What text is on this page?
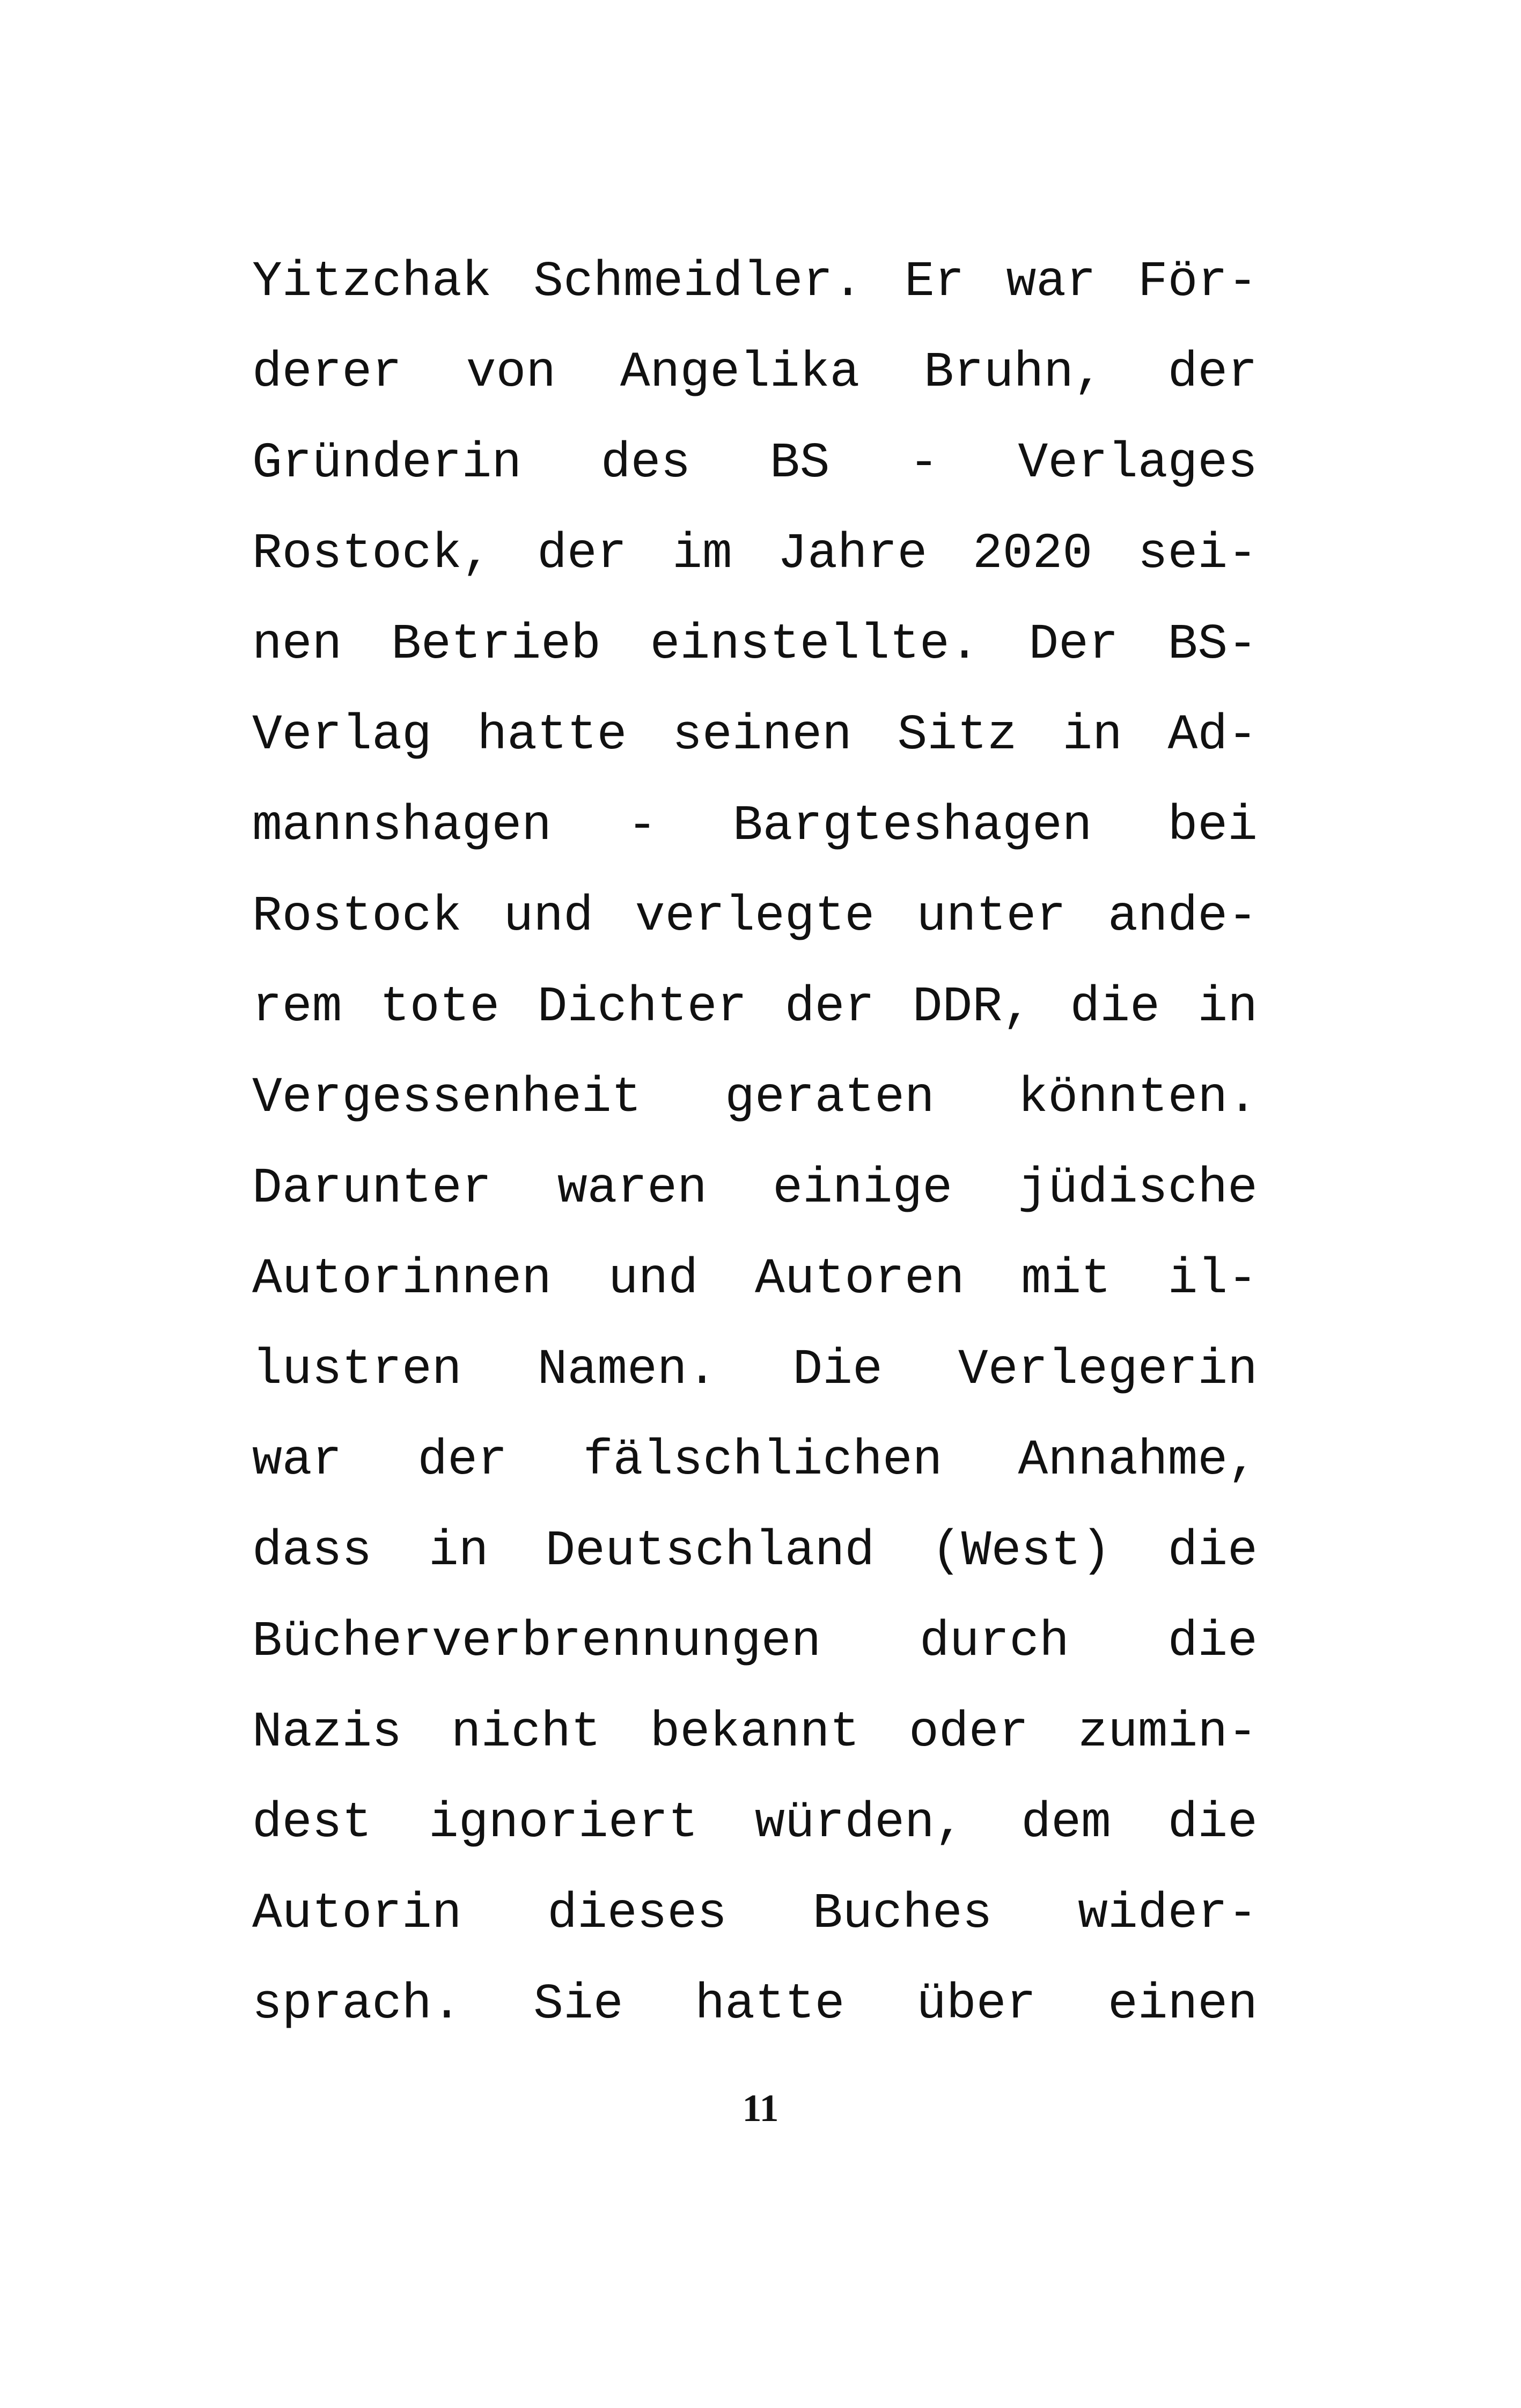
Yitzchak Schmeidler. Er war För-
derer von Angelika Bruhn, der
Gründerin des BS - Verlages
Rostock, der im Jahre 2020 sei-
nen Betrieb einstellte. Der BS-
Verlag hatte seinen Sitz in Ad-
mannshagen - Bargteshagen bei
Rostock und verlegte unter ande-
rem tote Dichter der DDR, die in
Vergessenheit geraten könnten.
Darunter waren einige jüdische
Autorinnen und Autoren mit il-
lustren Namen. Die Verlegerin
war der fälschlichen Annahme,
dass in Deutschland (West) die
Bücherverbrennungen durch die
Nazis nicht bekannt oder zumin-
dest ignoriert würden, dem die
Autorin dieses Buches wider-
sprach. Sie hatte über einen
11
